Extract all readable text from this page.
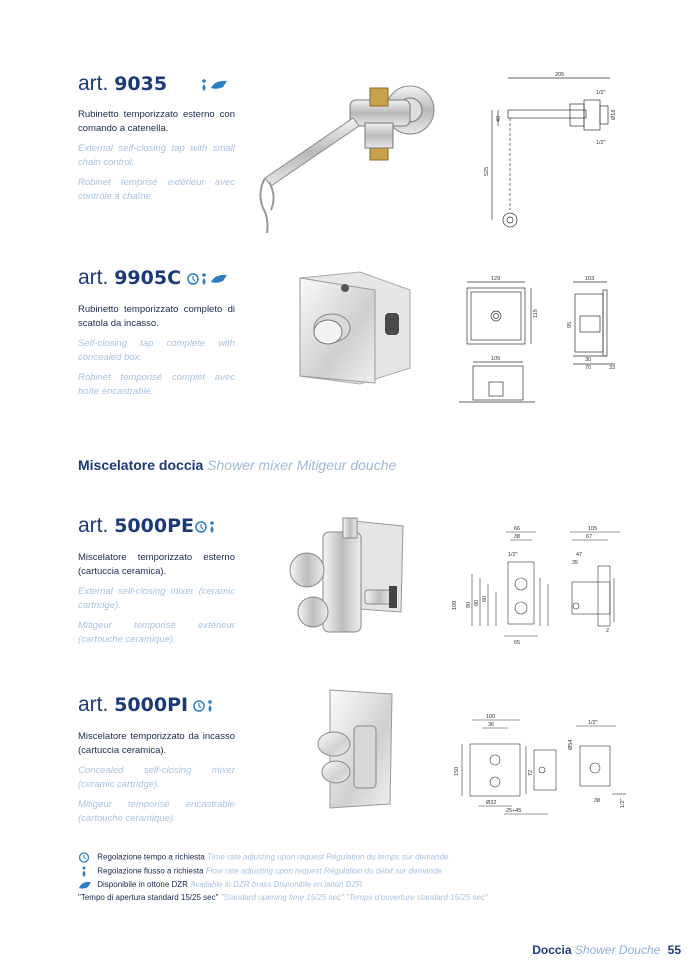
art. 9035

Rubinetto temporizzato esterno con comando a catenella.

External self-closing tap with small chain control.

Robinet temprisé extérieur avec contrôle à chaîne.

205
1/2"
1/2"
Ø18
40
525
art. 9905C

Rubinetto temporizzato completo di scatola da incasso.

Self-closing tap complete with concealed box.

Robinet temporisé complet avec boîte encastrable.

129
119
103
95
30
70	33
105
Miscelatore doccia Shower mixer Mitigeur douche
art. 5000PE

Miscelatore temporizzato esterno (cartuccia ceramica).

External self-closing mixer (ceramic cartridge).

Mitigeur temporisé extérieur (cartouche ceramique).

66
38
1/2"
105
67
47
35
108 90 80
60
65
2
art. 5000PI

Miscelatore temporizzato da incasso (cartuccia ceramica).

Concealed self-closing mixer (ceramic cartridge).

Mitigeur temporisé encastrable (cartouche ceramique).

100
36
150	72
1/2"
Ø32
25÷45
Ø54
38	1/2"
Regolazione tempo a richiesta Time rate adjusting upon request Régulation du temps sur demande
Regolazione flusso a richiesta Flow rate adjusting upon request Régulation du débit sur demande
Disponibile in ottone DZR Available in DZR brass Disponible en laiton DZR
"Tempo di apertura standard 15/25 sec" "Standard opening time 15/25 sec" "Temps d'ouverture standard 15/25 sec"
Doccia Shower Douche 55
